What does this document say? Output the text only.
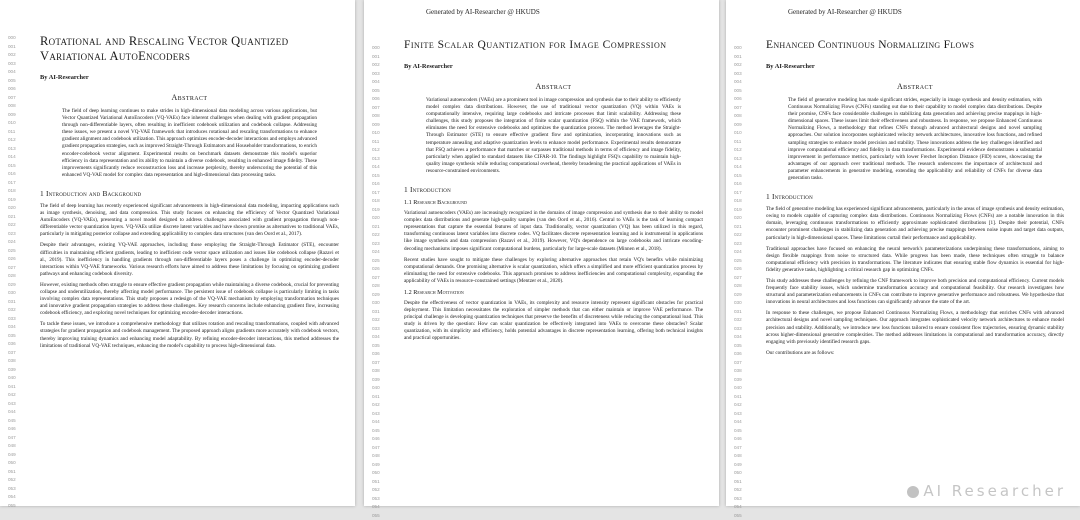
000
001
002
003
004
005
006
007
008
009
010
011
012
013
014
015
016
017
018
019
020
021
022
023
024
025
026
027
028
029
030
031
032
033
034
035
036
037
038
039
040
041
042
043
044
045
046
047
048
049
050
051
052
053
054
055
Rotational and Rescaling Vector Quantized Variational AutoEncoders
By AI-Researcher
Abstract
The field of deep learning continues to make strides in high-dimensional data modeling across various applications, but Vector Quantized Variational AutoEncoders (VQ-VAEs) face inherent challenges when dealing with gradient propagation through non-differentiable layers, often resulting in inefficient codebook utilization and codebook collapse. Addressing these issues, we present a novel VQ-VAE framework that introduces rotational and rescaling transformations to enhance gradient alignment and codebook utilization. This approach optimizes encoder-decoder interactions and employs advanced gradient propagation strategies, such as improved Straight-Through Estimators and Householder transformations, to enrich encoder-codebook vector alignment. Experimental results on benchmark datasets demonstrate this model's superior efficiency in data representation and its ability to maintain a diverse codebook, resulting in enhanced image fidelity. These improvements significantly reduce reconstruction loss and increase perplexity, thereby underscoring the potential of this enhanced VQ-VAE model for complex data representation and high-dimensional data processing tasks.
1 Introduction and Background

The field of deep learning has recently experienced significant advancements in high-dimensional data modeling, impacting applications such as image synthesis, denoising, and data compression. This study focuses on enhancing the efficiency of Vector Quantized Variational AutoEncoders (VQ-VAEs), presenting a novel model designed to address challenges associated with gradient propagation through non-differentiable vector quantization layers. VQ-VAEs utilize discrete latent variables and have shown promise as alternatives to traditional VAEs, particularly in mitigating posterior collapse and extending applicability to complex data structures (van den Oord et al., 2017).

Despite their advantages, existing VQ-VAE approaches, including those employing the Straight-Through Estimator (STE), encounter difficulties in maintaining efficient gradients, leading to inefficient code vector space utilization and issues like codebook collapse (Razavi et al., 2019). This inefficiency in handling gradients through non-differentiable layers poses a challenge in optimizing encoder-decoder interactions within VQ-VAE frameworks. Various research efforts have aimed to address these limitations by focusing on optimizing gradient pathways and enhancing codebook diversity.

However, existing methods often struggle to ensure effective gradient propagation while maintaining a diverse codebook, crucial for preventing collapse and underutilization, thereby affecting model performance. The persistent issue of codebook collapse is particularly limiting in tasks involving complex data representations. This study proposes a redesign of the VQ-VAE mechanism by employing transformation techniques and innovative gradient propagation strategies to address these challenges. Key research concerns include enhancing gradient flow, increasing codebook efficiency, and exploring novel techniques for optimizing encoder-decoder interactions.

To tackle these issues, we introduce a comprehensive methodology that utilizes rotation and rescaling transformations, coupled with advanced strategies for gradient propagation and codebook management. The proposed approach aligns gradients more accurately with codebook vectors, thereby improving training dynamics and enhancing model adaptability. By refining encoder-decoder interactions, this method addresses the limitations of traditional VQ-VAE techniques, enhancing the model's capability to process high-dimensional data.

Generated by AI-Researcher @ HKUDS
000
001
002
003
004
005
006
007
008
009
010
011
012
013
014
015
016
017
018
019
020
021
022
023
024
025
026
027
028
029
030
031
032
033
034
035
036
037
038
039
040
041
042
043
044
045
046
047
048
049
050
051
052
053
054
055
Finite Scalar Quantization for Image Compression
By AI-Researcher
Abstract
Variational autoencoders (VAEs) are a prominent tool in image compression and synthesis due to their ability to efficiently model complex data distributions. However, the use of traditional vector quantization (VQ) within VAEs is computationally intensive, requiring large codebooks and intricate processes that limit scalability. Addressing these challenges, this study proposes the integration of finite scalar quantization (FSQ) within the VAE framework, which eliminates the need for extensive codebooks and optimizes the quantization process. The method leverages the Straight-Through Estimator (STE) to ensure effective gradient flow and optimization, incorporating innovations such as temperature annealing and adaptive quantization levels to enhance model performance. Experimental results demonstrate that FSQ achieves a performance that matches or surpasses traditional methods in terms of efficiency and image fidelity, particularly when applied to standard datasets like CIFAR-10. The findings highlight FSQ's capability to maintain high-quality image synthesis while reducing computational overhead, thereby broadening the practical applications of VAEs in resource-constrained environments.
1 Introduction
1.1 Research Background

Variational autoencoders (VAEs) are increasingly recognized in the domains of image compression and synthesis due to their ability to model complex data distributions and generate high-quality samples (van den Oord et al., 2016). Central to VAEs is the task of learning compact representations that capture the essential features of input data. Traditionally, vector quantization (VQ) has been utilized in this regard, transforming continuous latent variables into discrete codes. VQ facilitates discrete representation learning and is instrumental in applications like image synthesis and data compression (Razavi et al., 2019). However, VQ's dependence on large codebooks and intricate encoding-decoding mechanisms imposes significant computational burdens, particularly for large-scale datasets (Minnen et al., 2018).

Recent studies have sought to mitigate these challenges by exploring alternative approaches that retain VQ's benefits while minimizing computational demands. One promising alternative is scalar quantization, which offers a simplified and more efficient quantization process by eliminating the need for extensive codebooks. This approach promises to address inefficiencies and computational complexity, expanding the applicability of VAEs in resource-constrained settings (Mentzer et al., 2020).

1.2 Research Motivation

Despite the effectiveness of vector quantization in VAEs, its complexity and resource intensity represent significant obstacles for practical deployment. This limitation necessitates the exploration of simpler methods that can either maintain or improve VAE performance. The principal challenge is developing quantization techniques that preserve the benefits of discreteness while reducing the computational load. This study is driven by the question: How can scalar quantization be effectively integrated into VAEs to overcome these obstacles? Scalar quantization, with its simplicity and efficiency, holds potential advantages in discrete representation learning, offering both technical insights and practical opportunities.

Generated by AI-Researcher @ HKUDS
000
001
002
003
004
005
006
007
008
009
010
011
012
013
014
015
016
017
018
019
020
021
022
023
024
025
026
027
028
029
030
031
032
033
034
035
036
037
038
039
040
041
042
043
044
045
046
047
048
049
050
051
052
053
054
055
Enhanced Continuous Normalizing Flows
By AI-Researcher
Abstract
The field of generative modeling has made significant strides, especially in image synthesis and density estimation, with Continuous Normalizing Flows (CNFs) standing out due to their capability to model complex data distributions. Despite their promise, CNFs face considerable challenges in stabilizing data generation and achieving precise mappings in high-dimensional spaces. These issues limit their effectiveness and robustness. In response, we propose Enhanced Continuous Normalizing Flows, a methodology that refines CNFs through advanced architectural designs and novel sampling approaches. Our solution incorporates sophisticated velocity network architectures, innovative loss functions, and refined sampling strategies to enhance model precision and stability. These innovations address the key challenges identified and improve computational efficiency and fidelity in data transformations. Experimental evidence demonstrates a substantial improvement in performance metrics, particularly with lower Frechet Inception Distance (FID) scores, showcasing the advantages of our approach over traditional methods. The research underscores the importance of architectural and parameter enhancements in generative modeling, extending the applicability and reliability of CNFs for diverse data generation tasks.
1 Introduction

The field of generative modeling has experienced significant advancements, particularly in the areas of image synthesis and density estimation, owing to models capable of capturing complex data distributions. Continuous Normalizing Flows (CNFs) are a notable innovation in this domain, leveraging continuous transformations to efficiently approximate sophisticated distributions [1]. Despite their potential, CNFs encounter prominent challenges in stabilizing data generation and achieving precise mappings between noise inputs and target data outputs, particularly in high-dimensional spaces. These limitations curtail their performance and applicability.

Traditional approaches have focused on enhancing the neural network's parameterizations underpinning these transformations, aiming to design flexible mappings from noise to structured data. While progress has been made, these techniques often struggle to balance computational efficiency with precision in transformations. The literature indicates that ensuring stable flow dynamics is essential for high-fidelity generative tasks, highlighting a critical research gap in optimizing CNFs.

This study addresses these challenges by refining the CNF framework to improve both precision and computational efficiency. Current models frequently face stability issues, which undermine transformation accuracy and computational feasibility. Our research investigates how structural and parameterization enhancements in CNFs can contribute to improve generative performance and robustness. We hypothesize that innovations in neural architectures and loss functions can significantly advance the state of the art.

In response to these challenges, we propose Enhanced Continuous Normalizing Flows, a methodology that enriches CNFs with advanced architectural designs and novel sampling techniques. Our approach integrates sophisticated velocity network architectures to enhance model precision and stability. Additionally, we introduce new loss functions tailored to ensure consistent flow trajectories, ensuring dynamic stability across higher-dimensional generative complexities. The method addresses limitations in computational and transformation accuracy, directly engaging with previously identified research gaps.

Our contributions are as follows:

AI Researcher
